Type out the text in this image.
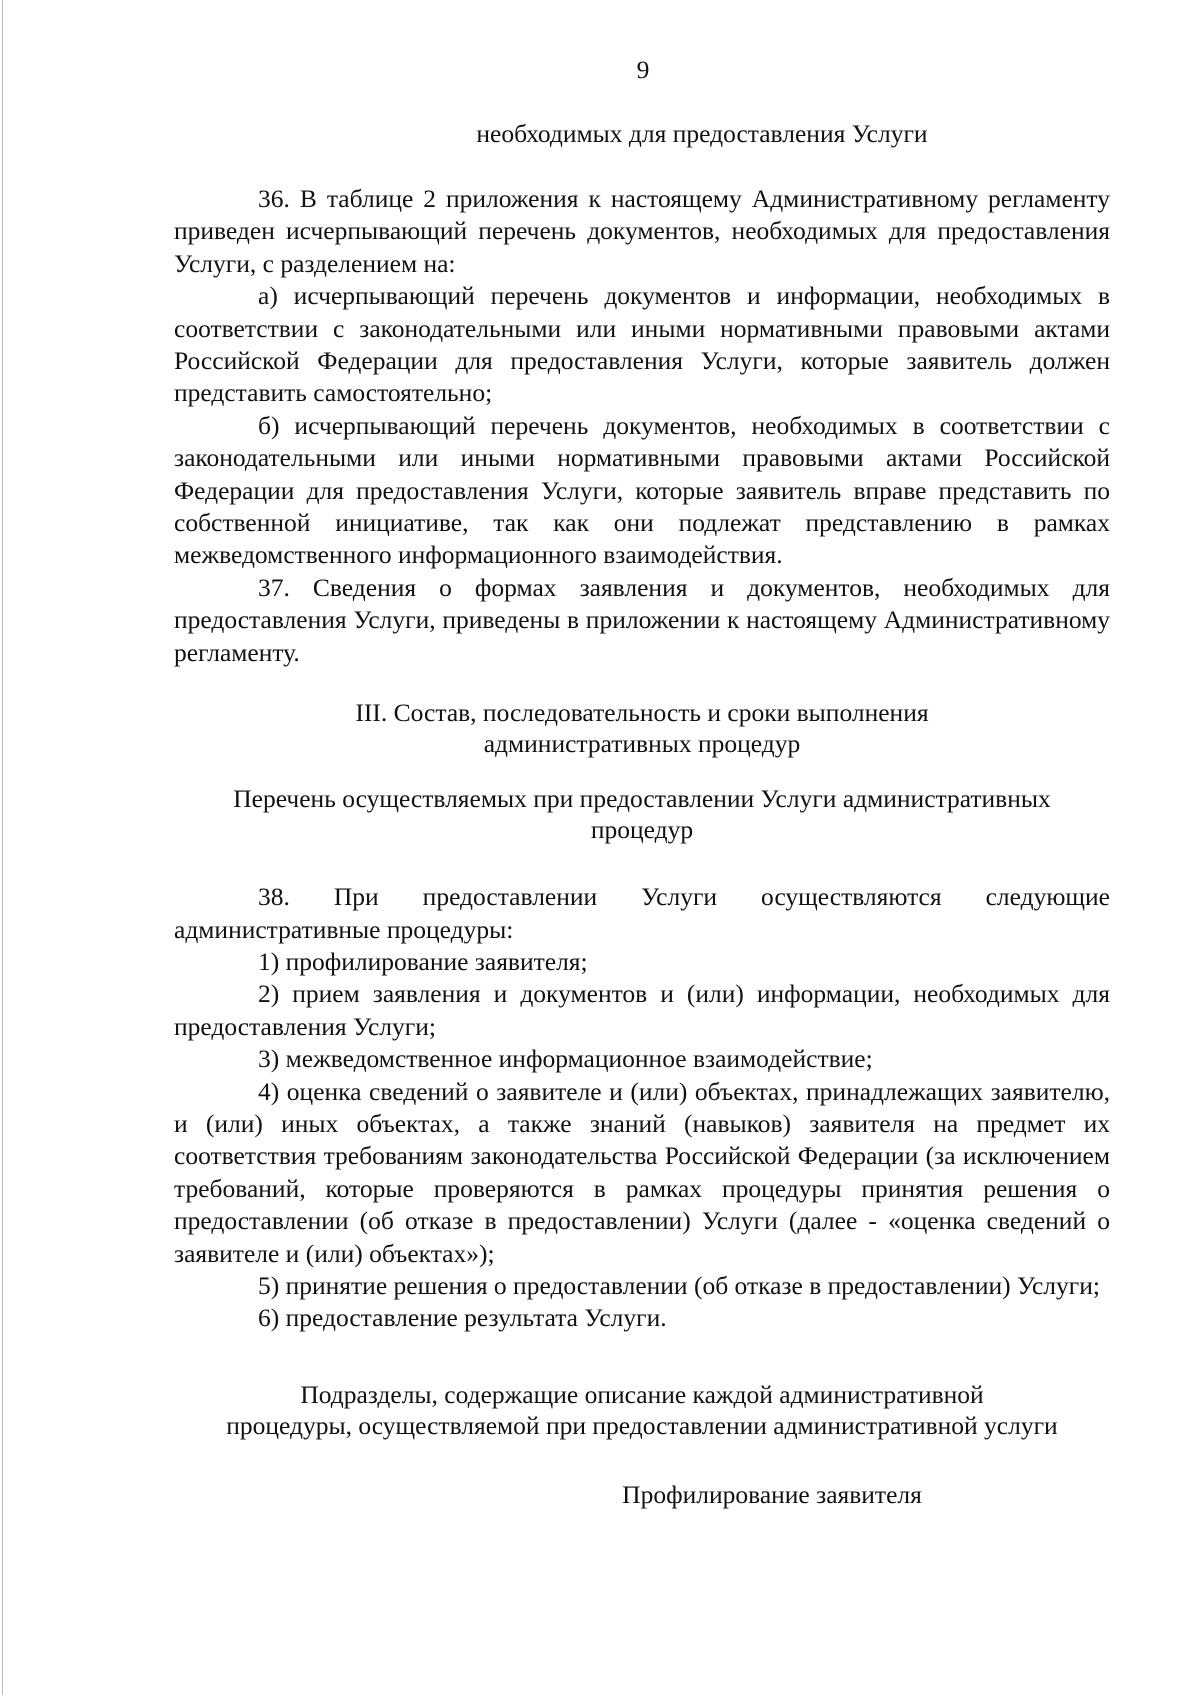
9

необходимых для предоставления Услуги

36. В таблице 2 приложения к настоящему Административному регламенту приведен исчерпывающий перечень документов, необходимых для предоставления Услуги, с разделением на:

а) исчерпывающий перечень документов и информации, необходимых в соответствии с законодательными или иными нормативными правовыми актами Российской Федерации для предоставления Услуги, которые заявитель должен представить самостоятельно;

б) исчерпывающий перечень документов, необходимых в соответствии с законодательными или иными нормативными правовыми актами Российской Федерации для предоставления Услуги, которые заявитель вправе представить по собственной инициативе, так как они подлежат представлению в рамках межведомственного информационного взаимодействия.

37. Сведения о формах заявления и документов, необходимых для предоставления Услуги, приведены в приложении к настоящему Административному регламенту.

III. Состав, последовательность и сроки выполнения
административных процедур

Перечень осуществляемых при предоставлении Услуги административных
процедур

38. При предоставлении Услуги осуществляются следующие административные процедуры:

1) профилирование заявителя;

2) прием заявления и документов и (или) информации, необходимых для предоставления Услуги;

3) межведомственное информационное взаимодействие;

4) оценка сведений о заявителе и (или) объектах, принадлежащих заявителю, и (или) иных объектах, а также знаний (навыков) заявителя на предмет их соответствия требованиям законодательства Российской Федерации (за исключением требований, которые проверяются в рамках процедуры принятия решения о предоставлении (об отказе в предоставлении) Услуги (далее - «оценка сведений о заявителе и (или) объектах»);

5) принятие решения о предоставлении (об отказе в предоставлении) Услуги;

6) предоставление результата Услуги.

Подразделы, содержащие описание каждой административной
процедуры, осуществляемой при предоставлении административной услуги

Профилирование заявителя
